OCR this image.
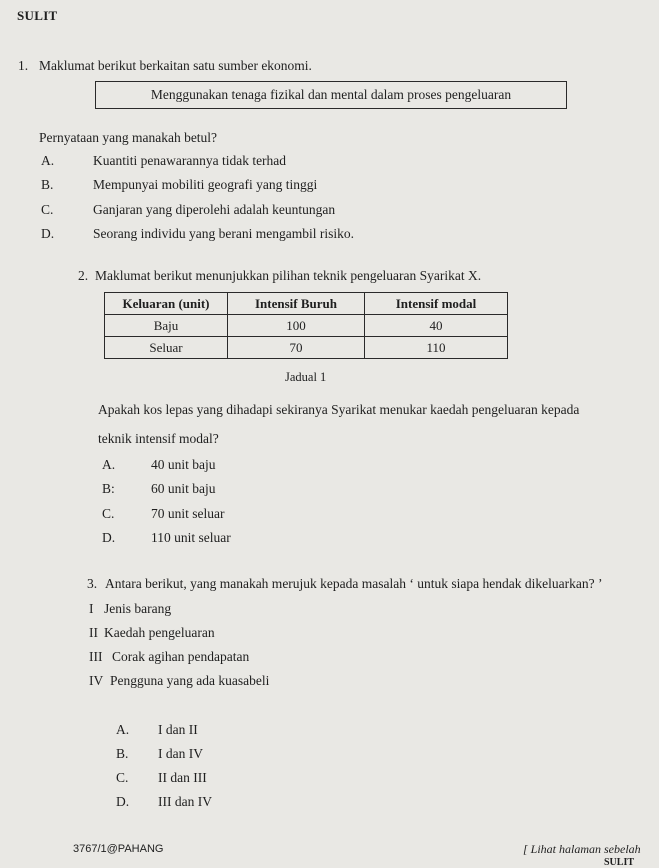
SULIT
1. Maklumat berikut berkaitan satu sumber ekonomi.
Menggunakan tenaga fizikal dan mental dalam proses pengeluaran
Pernyataan yang manakah betul?
A.	Kuantiti penawarannya tidak terhad
B.	Mempunyai mobiliti geografi yang tinggi
C.	Ganjaran yang diperolehi adalah keuntungan
D.	Seorang individu yang berani mengambil risiko.
2. Maklumat berikut menunjukkan pilihan teknik pengeluaran Syarikat X.
Keluaran (unit)	Intensif Buruh	Intensif modal
Baju	100	40
Seluar	70	110
Jadual 1
Apakah kos lepas yang dihadapi sekiranya Syarikat menukar kaedah pengeluaran kepada
teknik intensif modal?
A.	40 unit baju
B:	60 unit baju
C.	70 unit seluar
D.	110 unit seluar
3. Antara berikut, yang manakah merujuk kepada masalah ‘ untuk siapa hendak dikeluarkan? ’
I Jenis barang
II Kaedah pengeluaran
III Corak agihan pendapatan
IV Pengguna yang ada kuasabeli
A. I dan II
B. I dan IV
C. II dan III
D. III dan IV
3767/1@PAHANG	[ Lihat halaman sebelah
SULIT
